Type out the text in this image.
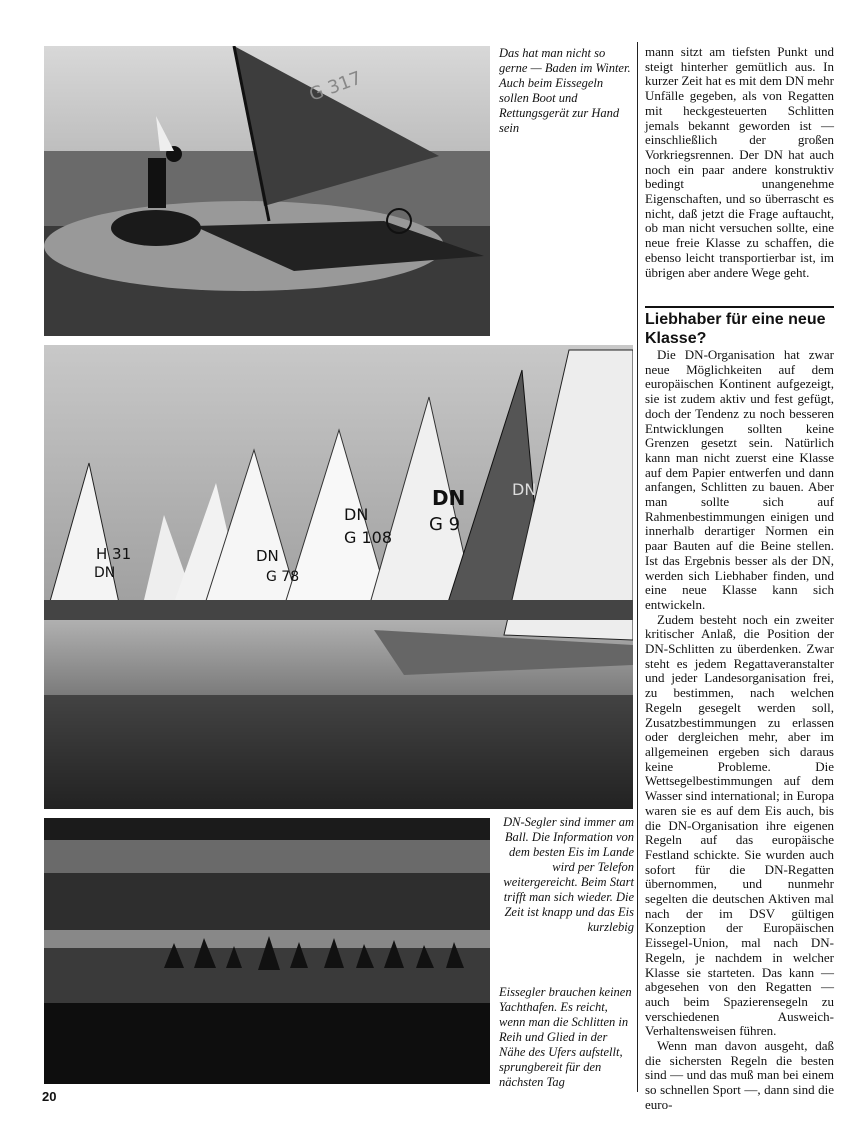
G 317

Das hat man nicht so gerne — Baden im Winter. Auch beim Eissegeln sollen Boot und Rettungsgerät zur Hand sein

H 31
DN
DN
G 78
DN
G 108
DN
G 9
DN

DN-Segler sind immer am Ball. Die Information von dem besten Eis im Lande wird per Telefon weitergereicht. Beim Start trifft man sich wieder. Die Zeit ist knapp und das Eis kurzlebig

Eissegler brauchen keinen Yachthafen. Es reicht, wenn man die Schlitten in Reih und Glied in der Nähe des Ufers aufstellt, sprungbereit für den nächsten Tag

mann sitzt am tiefsten Punkt und steigt hinterher gemütlich aus. In kurzer Zeit hat es mit dem DN mehr Unfälle gegeben, als von Regatten mit heckgesteuerten Schlitten jemals bekannt geworden ist — einschließlich der großen Vorkriegsrennen. Der DN hat auch noch ein paar andere konstruktiv bedingt unangenehme Eigenschaften, und so überrascht es nicht, daß jetzt die Frage auftaucht, ob man nicht versuchen sollte, eine neue freie Klasse zu schaffen, die ebenso leicht transportierbar ist, im übrigen aber andere Wege geht.

Liebhaber für eine neue Klasse?

Die DN-Organisation hat zwar neue Möglichkeiten auf dem europäischen Kontinent aufgezeigt, sie ist zudem aktiv und fest gefügt, doch der Tendenz zu noch besseren Entwicklungen sollten keine Grenzen gesetzt sein. Natürlich kann man nicht zuerst eine Klasse auf dem Papier entwerfen und dann anfangen, Schlitten zu bauen. Aber man sollte sich auf Rahmenbestimmungen einigen und innerhalb derartiger Normen ein paar Bauten auf die Beine stellen. Ist das Ergebnis besser als der DN, werden sich Liebhaber finden, und eine neue Klasse kann sich entwickeln.

Zudem besteht noch ein zweiter kritischer Anlaß, die Position der DN-Schlitten zu überdenken. Zwar steht es jedem Regattaveranstalter und jeder Landesorganisation frei, zu bestimmen, nach welchen Regeln gesegelt werden soll, Zusatzbestimmungen zu erlassen oder dergleichen mehr, aber im allgemeinen ergeben sich daraus keine Probleme. Die Wettsegelbestimmungen auf dem Wasser sind international; in Europa waren sie es auf dem Eis auch, bis die DN-Organisation ihre eigenen Regeln auf das europäische Festland schickte. Sie wurden auch sofort für die DN-Regatten übernommen, und nunmehr segelten die deutschen Aktiven mal nach der im DSV gültigen Konzeption der Europäischen Eissegel-Union, mal nach DN-Regeln, je nachdem in welcher Klasse sie starteten. Das kann — abgesehen von den Regatten — auch beim Spazierensegeln zu verschiedenen Ausweich-Verhaltensweisen führen.

Wenn man davon ausgeht, daß die sichersten Regeln die besten sind — und das muß man bei einem so schnellen Sport —, dann sind die euro-

20
